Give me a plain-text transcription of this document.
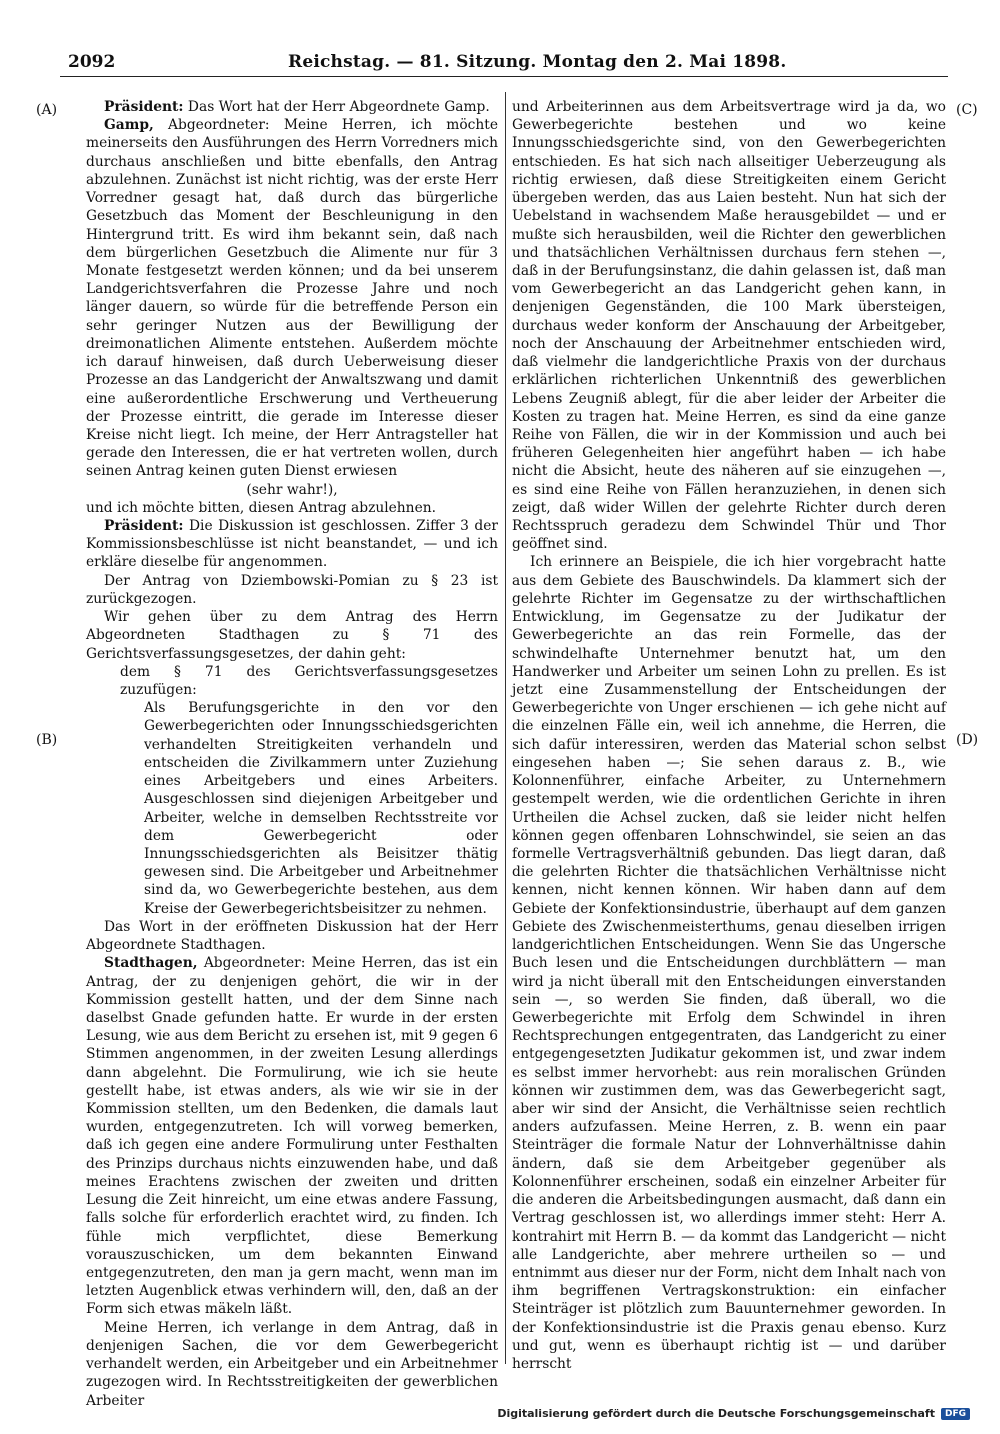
2092	Reichstag. — 81. Sitzung. Montag den 2. Mai 1898.
(A)
(B)
(C)
(D)

Präsident: Das Wort hat der Herr Abgeordnete Gamp.

Gamp, Abgeordneter: Meine Herren, ich möchte meinerseits den Ausführungen des Herrn Vorredners mich durchaus anschließen und bitte ebenfalls, den Antrag abzulehnen. Zunächst ist nicht richtig, was der erste Herr Vorredner gesagt hat, daß durch das bürgerliche Gesetzbuch das Moment der Beschleunigung in den Hintergrund tritt. Es wird ihm bekannt sein, daß nach dem bürgerlichen Gesetzbuch die Alimente nur für 3 Monate festgesetzt werden können; und da bei unserem Landgerichtsverfahren die Prozesse Jahre und noch länger dauern, so würde für die betreffende Person ein sehr geringer Nutzen aus der Bewilligung der dreimonatlichen Alimente entstehen. Außerdem möchte ich darauf hinweisen, daß durch Ueberweisung dieser Prozesse an das Landgericht der Anwaltszwang und damit eine außerordentliche Erschwerung und Vertheuerung der Prozesse eintritt, die gerade im Interesse dieser Kreise nicht liegt. Ich meine, der Herr Antragsteller hat gerade den Interessen, die er hat vertreten wollen, durch seinen Antrag keinen guten Dienst erwiesen

(sehr wahr!),

und ich möchte bitten, diesen Antrag abzulehnen.

Präsident: Die Diskussion ist geschlossen. Ziffer 3 der Kommissionsbeschlüsse ist nicht beanstandet, — und ich erkläre dieselbe für angenommen.

Der Antrag von Dziembowski-Pomian zu § 23 ist zurückgezogen.

Wir gehen über zu dem Antrag des Herrn Abgeordneten Stadthagen zu § 71 des Gerichtsverfassungsgesetzes, der dahin geht:

dem § 71 des Gerichtsverfassungsgesetzes zuzufügen:

Als Berufungsgerichte in den vor den Gewerbegerichten oder Innungsschiedsgerichten verhandelten Streitigkeiten verhandeln und entscheiden die Zivilkammern unter Zuziehung eines Arbeitgebers und eines Arbeiters. Ausgeschlossen sind diejenigen Arbeitgeber und Arbeiter, welche in demselben Rechtsstreite vor dem Gewerbegericht oder Innungsschiedsgerichten als Beisitzer thätig gewesen sind. Die Arbeitgeber und Arbeitnehmer sind da, wo Gewerbegerichte bestehen, aus dem Kreise der Gewerbegerichtsbeisitzer zu nehmen.

Das Wort in der eröffneten Diskussion hat der Herr Abgeordnete Stadthagen.

Stadthagen, Abgeordneter: Meine Herren, das ist ein Antrag, der zu denjenigen gehört, die wir in der Kommission gestellt hatten, und der dem Sinne nach daselbst Gnade gefunden hatte. Er wurde in der ersten Lesung, wie aus dem Bericht zu ersehen ist, mit 9 gegen 6 Stimmen angenommen, in der zweiten Lesung allerdings dann abgelehnt. Die Formulirung, wie ich sie heute gestellt habe, ist etwas anders, als wie wir sie in der Kommission stellten, um den Bedenken, die damals laut wurden, entgegenzutreten. Ich will vorweg bemerken, daß ich gegen eine andere Formulirung unter Festhalten des Prinzips durchaus nichts einzuwenden habe, und daß meines Erachtens zwischen der zweiten und dritten Lesung die Zeit hinreicht, um eine etwas andere Fassung, falls solche für erforderlich erachtet wird, zu finden. Ich fühle mich verpflichtet, diese Bemerkung vorauszuschicken, um dem bekannten Einwand entgegenzutreten, den man ja gern macht, wenn man im letzten Augenblick etwas verhindern will, den, daß an der Form sich etwas mäkeln läßt.

Meine Herren, ich verlange in dem Antrag, daß in denjenigen Sachen, die vor dem Gewerbegericht verhandelt werden, ein Arbeitgeber und ein Arbeitnehmer zugezogen wird. In Rechtsstreitigkeiten der gewerblichen Arbeiter

und Arbeiterinnen aus dem Arbeitsvertrage wird ja da, wo Gewerbegerichte bestehen und wo keine Innungsschiedsgerichte sind, von den Gewerbegerichten entschieden. Es hat sich nach allseitiger Ueberzeugung als richtig erwiesen, daß diese Streitigkeiten einem Gericht übergeben werden, das aus Laien besteht. Nun hat sich der Uebelstand in wachsendem Maße herausgebildet — und er mußte sich herausbilden, weil die Richter den gewerblichen und thatsächlichen Verhältnissen durchaus fern stehen —, daß in der Berufungsinstanz, die dahin gelassen ist, daß man vom Gewerbegericht an das Landgericht gehen kann, in denjenigen Gegenständen, die 100 Mark übersteigen, durchaus weder konform der Anschauung der Arbeitgeber, noch der Anschauung der Arbeitnehmer entschieden wird, daß vielmehr die landgerichtliche Praxis von der durchaus erklärlichen richterlichen Unkenntniß des gewerblichen Lebens Zeugniß ablegt, für die aber leider der Arbeiter die Kosten zu tragen hat. Meine Herren, es sind da eine ganze Reihe von Fällen, die wir in der Kommission und auch bei früheren Gelegenheiten hier angeführt haben — ich habe nicht die Absicht, heute des näheren auf sie einzugehen —, es sind eine Reihe von Fällen heranzuziehen, in denen sich zeigt, daß wider Willen der gelehrte Richter durch deren Rechtsspruch geradezu dem Schwindel Thür und Thor geöffnet sind.

Ich erinnere an Beispiele, die ich hier vorgebracht hatte aus dem Gebiete des Bauschwindels. Da klammert sich der gelehrte Richter im Gegensatze zu der wirthschaftlichen Entwicklung, im Gegensatze zu der Judikatur der Gewerbegerichte an das rein Formelle, das der schwindelhafte Unternehmer benutzt hat, um den Handwerker und Arbeiter um seinen Lohn zu prellen. Es ist jetzt eine Zusammenstellung der Entscheidungen der Gewerbegerichte von Unger erschienen — ich gehe nicht auf die einzelnen Fälle ein, weil ich annehme, die Herren, die sich dafür interessiren, werden das Material schon selbst eingesehen haben —; Sie sehen daraus z. B., wie Kolonnenführer, einfache Arbeiter, zu Unternehmern gestempelt werden, wie die ordentlichen Gerichte in ihren Urtheilen die Achsel zucken, daß sie leider nicht helfen können gegen offenbaren Lohnschwindel, sie seien an das formelle Vertragsverhältniß gebunden. Das liegt daran, daß die gelehrten Richter die thatsächlichen Verhältnisse nicht kennen, nicht kennen können. Wir haben dann auf dem Gebiete der Konfektionsindustrie, überhaupt auf dem ganzen Gebiete des Zwischenmeisterthums, genau dieselben irrigen landgerichtlichen Entscheidungen. Wenn Sie das Ungersche Buch lesen und die Entscheidungen durchblättern — man wird ja nicht überall mit den Entscheidungen einverstanden sein —, so werden Sie finden, daß überall, wo die Gewerbegerichte mit Erfolg dem Schwindel in ihren Rechtsprechungen entgegentraten, das Landgericht zu einer entgegengesetzten Judikatur gekommen ist, und zwar indem es selbst immer hervorhebt: aus rein moralischen Gründen können wir zustimmen dem, was das Gewerbegericht sagt, aber wir sind der Ansicht, die Verhältnisse seien rechtlich anders aufzufassen. Meine Herren, z. B. wenn ein paar Steinträger die formale Natur der Lohnverhältnisse dahin ändern, daß sie dem Arbeitgeber gegenüber als Kolonnenführer erscheinen, sodaß ein einzelner Arbeiter für die anderen die Arbeitsbedingungen ausmacht, daß dann ein Vertrag geschlossen ist, wo allerdings immer steht: Herr A. kontrahirt mit Herrn B. — da kommt das Landgericht — nicht alle Landgerichte, aber mehrere urtheilen so — und entnimmt aus dieser nur der Form, nicht dem Inhalt nach von ihm begriffenen Vertragskonstruktion: ein einfacher Steinträger ist plötzlich zum Bauunternehmer geworden. In der Konfektionsindustrie ist die Praxis genau ebenso. Kurz und gut, wenn es überhaupt richtig ist — und darüber herrscht

Digitalisierung gefördert durch die Deutsche Forschungsgemeinschaft	DFG
